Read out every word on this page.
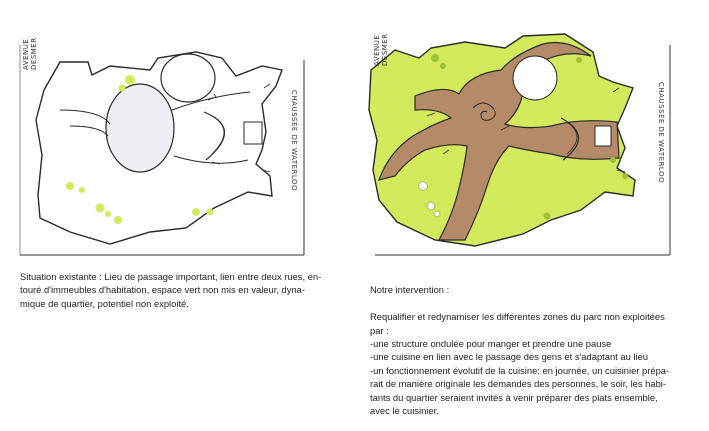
AVENUE
DESMER
CHAUSSÉE DE WATERLOO
AVENUE
DESMER
CHAUSSÉE DE WATERLOO
Situation existante : Lieu de passage important, lien entre deux rues, en-
touré d'immeubles d'habitation, espace vert non mis en valeur, dyna-
mique de quartier, potentiel non exploité.

Notre intervention :

Requalifier et redynamiser les différentes zones du parc non exploitées
par :
-une structure ondulée pour manger et prendre une pause
-une cuisine en lien avec le passage des gens et s'adaptant au lieu
-un fonctionnement évolutif de la cuisine: en journée, un cuisinier prépa-
rait de manière originale les demandes des personnes, le soir, les habi-
tants du quartier seraient invités à venir préparer des plats ensemble,
avec le cuisinier.
